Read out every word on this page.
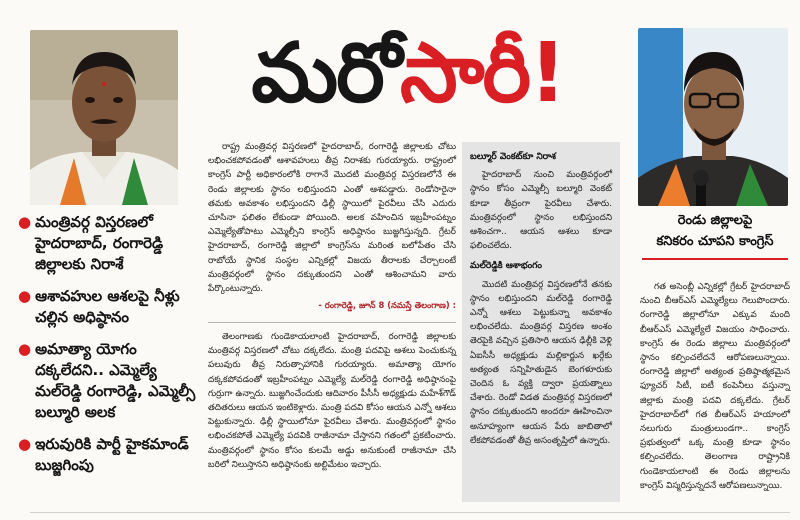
మరో సారీ!
● మంత్రివర్గ విస్తరణలో హైదరాబాద్, రంగారెడ్డి జిల్లాలకు నిరాశే
● ఆశావహుల ఆశలపై నీళ్లు చల్లిన అధిష్ఠానం
● అమాత్యా యోగం దక్కలేదని.. ఎమ్మెల్యే మల్‌రెడ్డి రంగారెడ్డి, ఎమ్మెల్సీ బల్మూరి అలక
● ఇరువురికి పార్టీ హైకమాండ్ బుజ్జగింపు

రాష్ట్ర మంత్రివర్గ విస్తరణలో హైదరాబాద్, రంగారెడ్డి జిల్లాలకు చోటు లభించకపోవడంతో ఆశావహులు తీవ్ర నిరాశకు గురయ్యారు. రాష్ట్రంలో కాంగ్రెస్ పార్టీ అధికారంలోకి రాగానే మొదటి మంత్రివర్గ విస్తరణలోనే ఈ రెండు జిల్లాలకు స్థానం లభిస్తుందని ఎంతో ఆశపడ్డారు. రెండోసారైనా తమకు అవకాశం లభిస్తుందని ఢిల్లీ స్థాయిలో పైరవీలు చేసి ఎదురు చూసినా ఫలితం లేకుండా పోయింది. అలక వహించిన ఇబ్రహీంపట్నం ఎమ్మెల్యేతోపాటు ఎమ్మెల్సీని కాంగ్రెస్ అధిష్ఠానం బుజ్జగిస్తున్నది. గ్రేటర్ హైదరాబాద్, రంగారెడ్డి జిల్లాలో కాంగ్రెస్‌ను మరింత బలోపేతం చేసి రాబోయే స్థానిక సంస్థల ఎన్నికల్లో విజయ తీరాలకు చేర్చాలంటే మంత్రివర్గంలో స్థానం దక్కుతుందని ఎంతో ఆశించామని వారు పేర్కొంటున్నారు.

- రంగారెడ్డి, జూన్ 8 (నమస్తే తెలంగాణ) :

తెలంగాణకు గుండెకాయలాంటి హైదరాబాద్, రంగారెడ్డి జిల్లాలకు మంత్రివర్గ విస్తరణలో చోటు దక్కలేదు. మంత్రి పదవిపై ఆశలు పెంచుకున్న పలువురు తీవ్ర నిరుత్సాహానికి గురయ్యారు. అమాత్యా యోగం దక్కకపోవడంతో ఇబ్రహీంపట్నం ఎమ్మెల్యే మల్‌రెడ్డి రంగారెడ్డి అధిష్ఠానంపై గుర్రుగా ఉన్నారు. బుజ్జగించేందుకు ఆదివారం పీసీసీ అధ్యక్షుడు మహేశ్‌గౌడ్ తదితరులు ఆయన ఇంటికెళ్లారు. మంత్రి పదవి కోసం ఆయన ఎన్నో ఆశలు పెట్టుకున్నారు. ఢిల్లీ స్థాయిలోనూ పైరవీలు చేశారు. మంత్రివర్గంలో స్థానం లభించకపోతే ఎమ్మెల్యే పదవికి రాజీనామా చేస్తానని గతంలో ప్రకటించారు. మంత్రివర్గంలో స్థానం కోసం కులమే అడ్డు అనుకుంటే రాజీనామా చేసి బరిలో నిలుస్తానని అధిష్ఠానంకు అల్టిమేటం ఇచ్చారు.

బల్మూర్ వెంకట్‌కూ నిరాశ

హైదరాబాద్ నుంచి మంత్రివర్గంలో స్థానం కోసం ఎమ్మెల్సీ బల్మూరి వెంకట్ కూడా తీవ్రంగా పైరవీలు చేశారు. మంత్రివర్గంలో స్థానం లభిస్తుందని ఆశించగా.. ఆయన ఆశలు కూడా ఫలించలేదు.

మల్‌రెడ్డికి ఆశాభంగం

మొదటి మంత్రివర్గ విస్తరణలోనే తనకు స్థానం లభిస్తుందని మల్‌రెడ్డి రంగారెడ్డి ఎన్నో ఆశలు పెట్టుకున్నా అవకాశం లభించలేదు. మంత్రివర్గ విస్తరణ అంశం తెరపైకి వచ్చిన ప్రతిసారి ఆయన ఢిల్లీకి వెళ్లి ఏఐసీసీ అధ్యక్షుడు మల్లికార్జున ఖర్గేకు అత్యంత సన్నిహితుడైన బెంగళూరుకు చెందిన ఓ వ్యక్తి ద్వారా ప్రయత్నాలు చేశారు. రెండో విడత మంత్రివర్గ విస్తరణలో స్థానం దక్కుతుందని అందరూ ఊహించినా అనూహ్యంగా ఆయన పేరు జాబితాలో లేకపోవడంతో తీవ్ర అసంతృప్తిలో ఉన్నారు.

రెండు జిల్లాలపై
కనికరం చూపని కాంగ్రెస్

గత అసెంబ్లీ ఎన్నికల్లో గ్రేటర్ హైదరాబాద్ నుంచి బీఆర్‌ఎస్ ఎమ్మెల్యేలు గెలుపొందారు. రంగారెడ్డి జిల్లాలోనూ ఎక్కువ మంది బీఆర్‌ఎస్ ఎమ్మెల్యేలే విజయం సాధించారు. కాంగ్రెస్ ఈ రెండు జిల్లాలు మంత్రివర్గంలో స్థానం కల్పించలేదనే ఆరోపణలున్నాయి. రంగారెడ్డి జిల్లాలో అత్యంత ప్రతిష్ఠాత్మకమైన ఫ్యూచర్ సిటీ, ఐటీ కంపెనీలు వస్తున్నా జిల్లాకు మంత్రి పదవి దక్కలేదు. గ్రేటర్ హైదరాబాద్‌లో గత బీఆర్‌ఎస్ హయాంలో నలుగురు మంత్రులుండగా.. కాంగ్రెస్ ప్రభుత్వంలో ఒక్క మంత్రి కూడా స్థానం కల్పించలేదు. తెలంగాణ రాష్ట్రానికి గుండెకాయలాంటి ఈ రెండు జిల్లాలను కాంగ్రెస్ విస్మరిస్తున్నదనే ఆరోపణలున్నాయి.
